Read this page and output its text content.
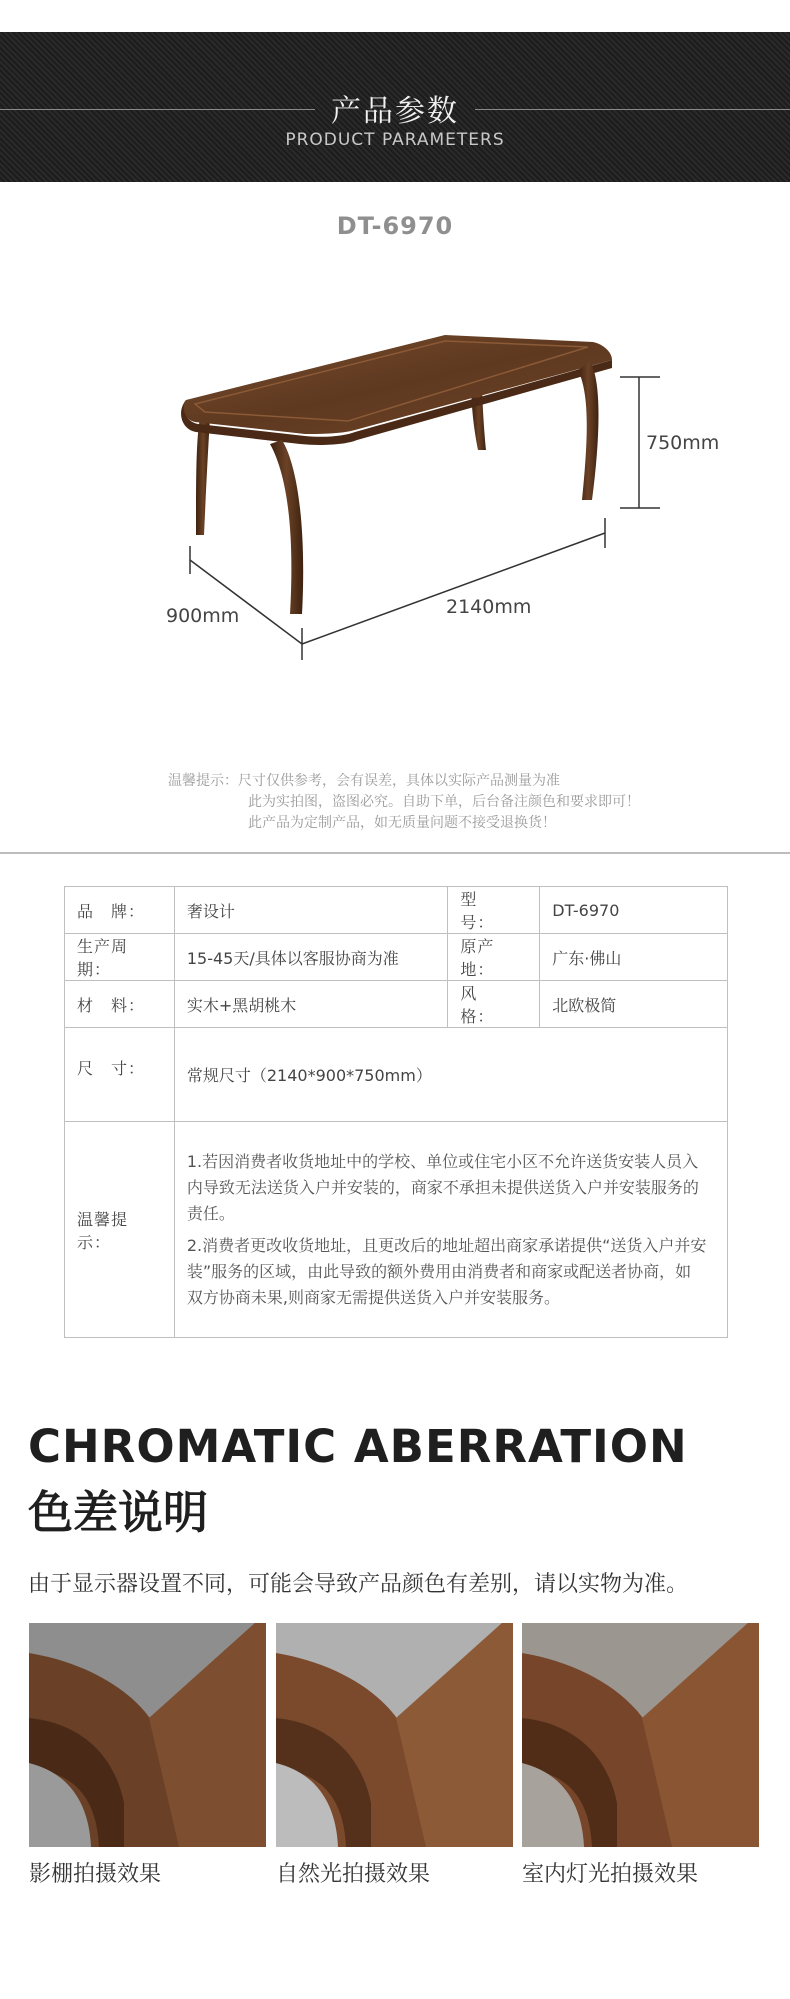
产品参数
PRODUCT PARAMETERS
DT-6970
750mm
900mm	2140mm
温馨提示：尺寸仅供参考，会有误差，具体以实际产品测量为准
此为实拍图，盗图必究。自助下单，后台备注颜色和要求即可！
此产品为定制产品，如无质量问题不接受退换货！
品　牌：	奢设计	型　号：	DT-6970
生产周期：	15-45天/具体以客服协商为准	原产地：	广东·佛山
材　料：	实木+黑胡桃木	风　格：	北欧极简
尺　寸：	常规尺寸（2140*900*750mm）		
温馨提示：	1.若因消费者收货地址中的学校、单位或住宅小区不允许送货安装人员入内导致无法送货入户并安装的，商家不承担未提供送货入户并安装服务的责任。

2.消费者更改收货地址，且更改后的地址超出商家承诺提供“送货入户并安装”服务的区域，由此导致的额外费用由消费者和商家或配送者协商，如双方协商未果,则商家无需提供送货入户并安装服务。		

CHROMATIC ABERRATION
色差说明
由于显示器设置不同，可能会导致产品颜色有差别，请以实物为准。
影棚拍摄效果	自然光拍摄效果	室内灯光拍摄效果
